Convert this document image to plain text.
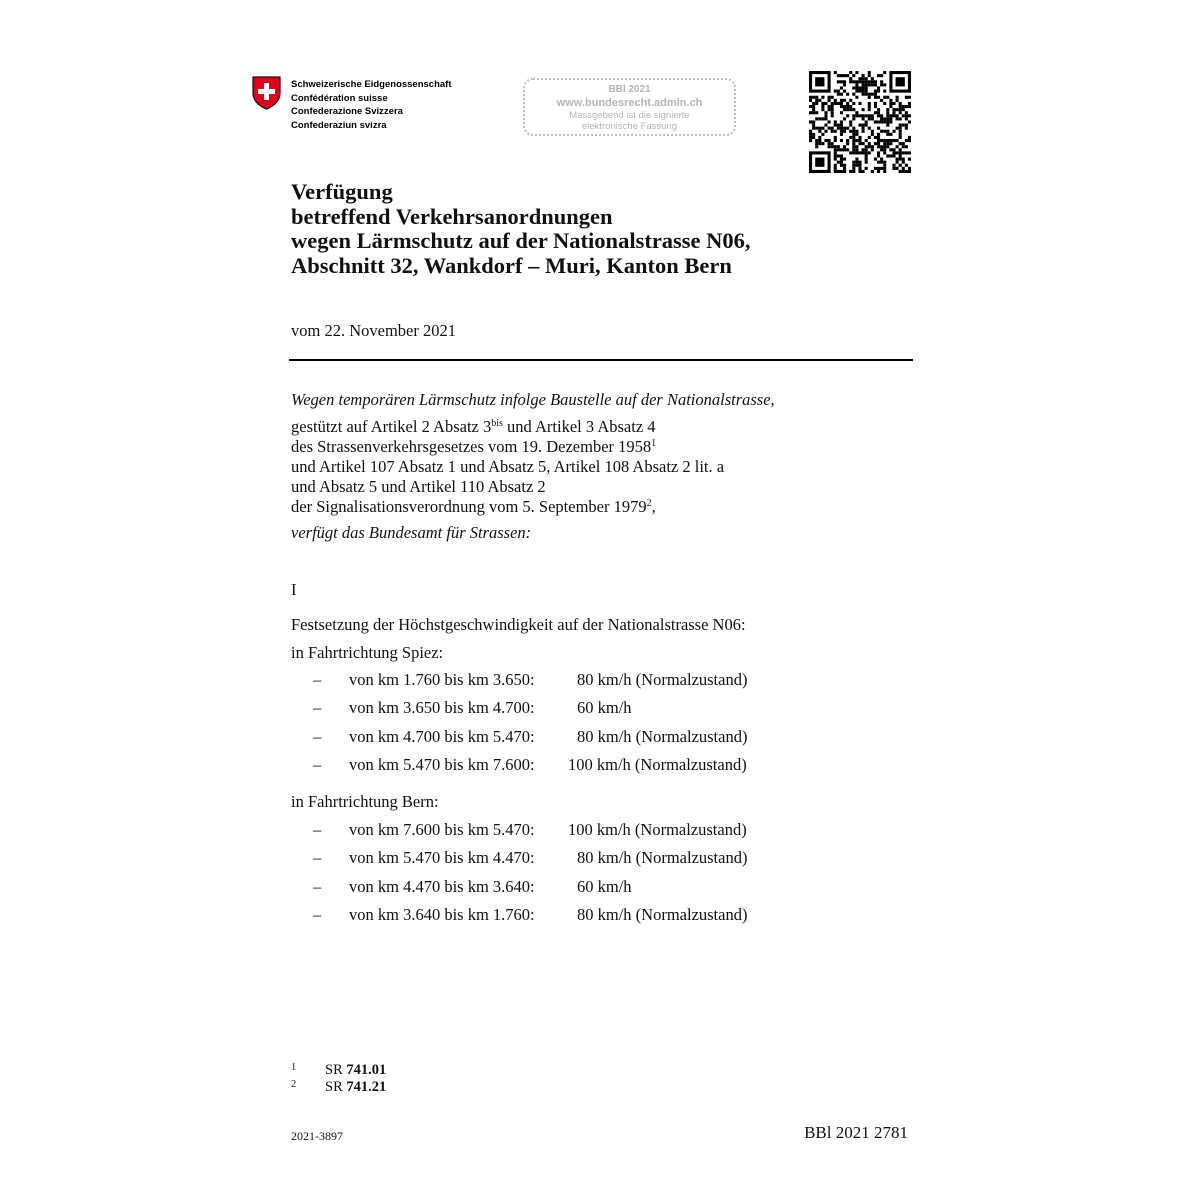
Schweizerische Eidgenossenschaft
Confédération suisse
Confederazione Svizzera
Confederaziun svizra
BBl 2021
www.bundesrecht.admin.ch
Massgebend ist die signierte
elektronische Fassung
Verfügung
betreffend Verkehrsanordnungen
wegen Lärmschutz auf der Nationalstrasse N06,
Abschnitt 32, Wankdorf – Muri, Kanton Bern
vom 22. November 2021
Wegen temporären Lärmschutz infolge Baustelle auf der Nationalstrasse,
gestützt auf Artikel 2 Absatz $3^{bis}$ und Artikel 3 Absatz 4
des Strassenverkehrsgesetzes vom 19. Dezember 1958$^1$
und Artikel 107 Absatz 1 und Absatz 5, Artikel 108 Absatz 2 lit. a
und Absatz 5 und Artikel 110 Absatz 2
der Signalisationsverordnung vom 5. September 1979$^2$,
verfügt das Bundesamt für Strassen:
I
Festsetzung der Höchstgeschwindigkeit auf der Nationalstrasse N06:
in Fahrtrichtung Spiez:
– von km 1.760 bis km 3.650:	80 km/h (Normalzustand)
– von km 3.650 bis km 4.700:	60 km/h
– von km 4.700 bis km 5.470:	80 km/h (Normalzustand)
– von km 5.470 bis km 7.600: 100 km/h (Normalzustand)
in Fahrtrichtung Bern:
– von km 7.600 bis km 5.470: 100 km/h (Normalzustand)
– von km 5.470 bis km 4.470:	80 km/h (Normalzustand)
– von km 4.470 bis km 3.640:	60 km/h
– von km 3.640 bis km 1.760:	80 km/h (Normalzustand)
1 SR 741.01
2 SR 741.21
2021-3897	BBl 2021 2781
